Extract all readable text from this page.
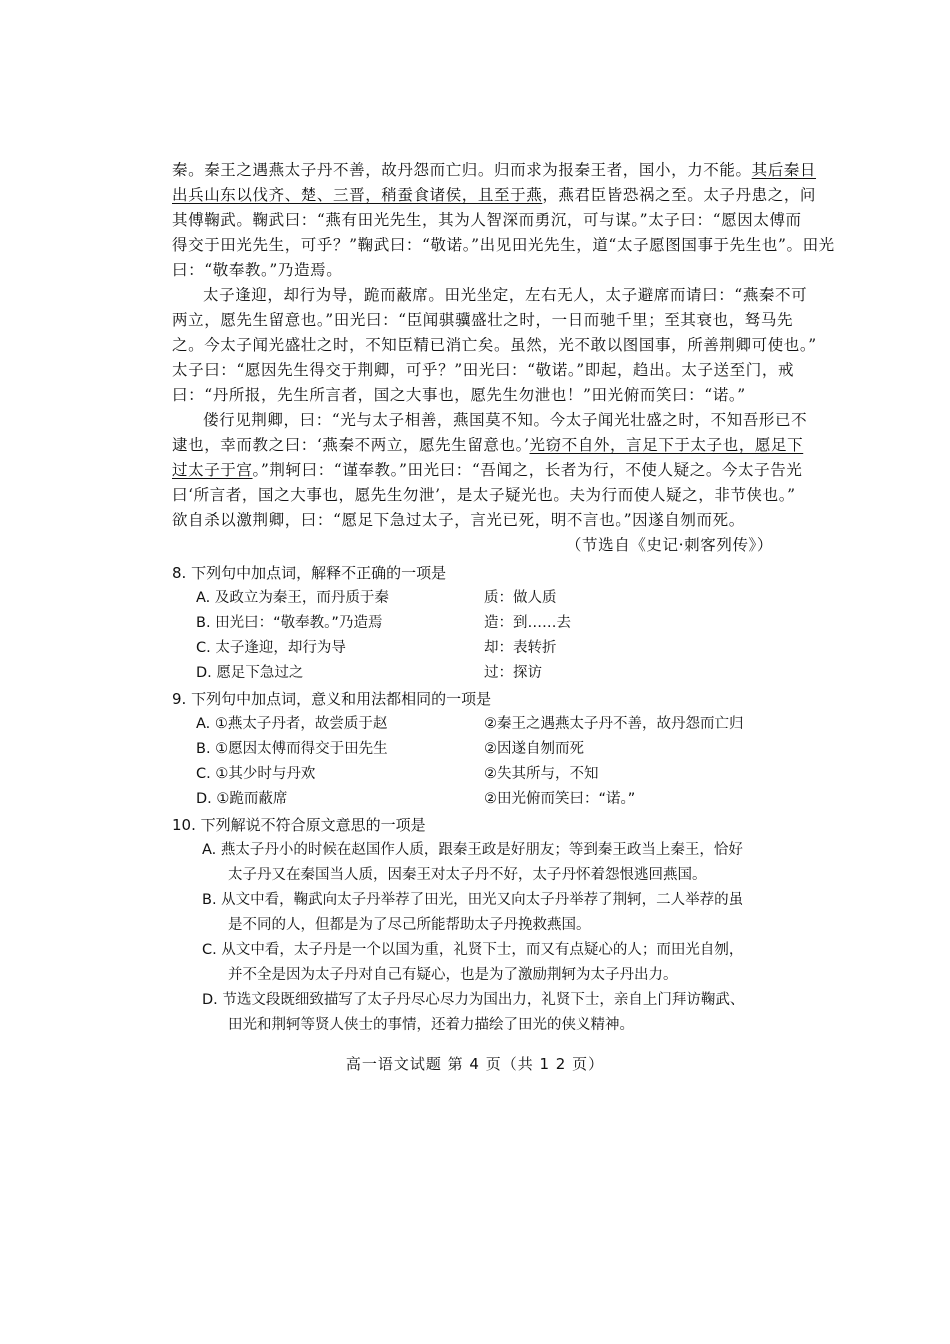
秦。秦王之遇燕太子丹不善，故丹怨而亡归。归而求为报秦王者，国小，力不能。其后秦日
出兵山东以伐齐、楚、三晋，稍蚕食诸侯，且至于燕，燕君臣皆恐祸之至。太子丹患之，问
其傅鞠武。鞠武曰：“燕有田光先生，其为人智深而勇沉，可与谋。”太子曰：“愿因太傅而
得交于田光先生，可乎？”鞠武曰：“敬诺。”出见田光先生，道“太子愿图国事于先生也”。田光
曰：“敬奉教。”乃造焉。
太子逢迎，却行为导，跪而蔽席。田光坐定，左右无人，太子避席而请曰：“燕秦不可
两立，愿先生留意也。”田光曰：“臣闻骐骥盛壮之时，一日而驰千里；至其衰也，驽马先
之。今太子闻光盛壮之时，不知臣精已消亡矣。虽然，光不敢以图国事，所善荆卿可使也。”
太子曰：“愿因先生得交于荆卿，可乎？”田光曰：“敬诺。”即起，趋出。太子送至门，戒
曰：“丹所报，先生所言者，国之大事也，愿先生勿泄也！”田光俯而笑曰：“诺。”
偻行见荆卿，曰：“光与太子相善，燕国莫不知。今太子闻光壮盛之时，不知吾形已不
逮也，幸而教之曰：‘燕秦不两立，愿先生留意也。’光窃不自外，言足下于太子也，愿足下
过太子于宫。”荆轲曰：“谨奉教。”田光曰：“吾闻之，长者为行，不使人疑之。今太子告光
曰‘所言者，国之大事也，愿先生勿泄’，是太子疑光也。夫为行而使人疑之，非节侠也。”
欲自杀以激荆卿，曰：“愿足下急过太子，言光已死，明不言也。”因遂自刎而死。
（节选自《史记·刺客列传》）
8. 下列句中加点词，解释不正确的一项是
A. 及政立为秦王，而丹质于秦	质：做人质
B. 田光曰：“敬奉教。”乃造焉	造：到……去
C. 太子逢迎，却行为导	却：表转折
D. 愿足下急过之	过：探访
9. 下列句中加点词，意义和用法都相同的一项是
A. ①燕太子丹者，故尝质于赵	②秦王之遇燕太子丹不善，故丹怨而亡归
B. ①愿因太傅而得交于田先生	②因遂自刎而死
C. ①其少时与丹欢	②失其所与，不知
D. ①跪而蔽席	②田光俯而笑曰：“诺。”
10. 下列解说不符合原文意思的一项是
A. 燕太子丹小的时候在赵国作人质，跟秦王政是好朋友；等到秦王政当上秦王，恰好
太子丹又在秦国当人质，因秦王对太子丹不好，太子丹怀着怨恨逃回燕国。
B. 从文中看，鞠武向太子丹举荐了田光，田光又向太子丹举荐了荆轲，二人举荐的虽
是不同的人，但都是为了尽己所能帮助太子丹挽救燕国。
C. 从文中看，太子丹是一个以国为重，礼贤下士，而又有点疑心的人；而田光自刎，
并不全是因为太子丹对自己有疑心，也是为了激励荆轲为太子丹出力。
D. 节选文段既细致描写了太子丹尽心尽力为国出力，礼贤下士，亲自上门拜访鞠武、
田光和荆轲等贤人侠士的事情，还着力描绘了田光的侠义精神。
高一语文试题 第 4 页（共 1 2 页）
